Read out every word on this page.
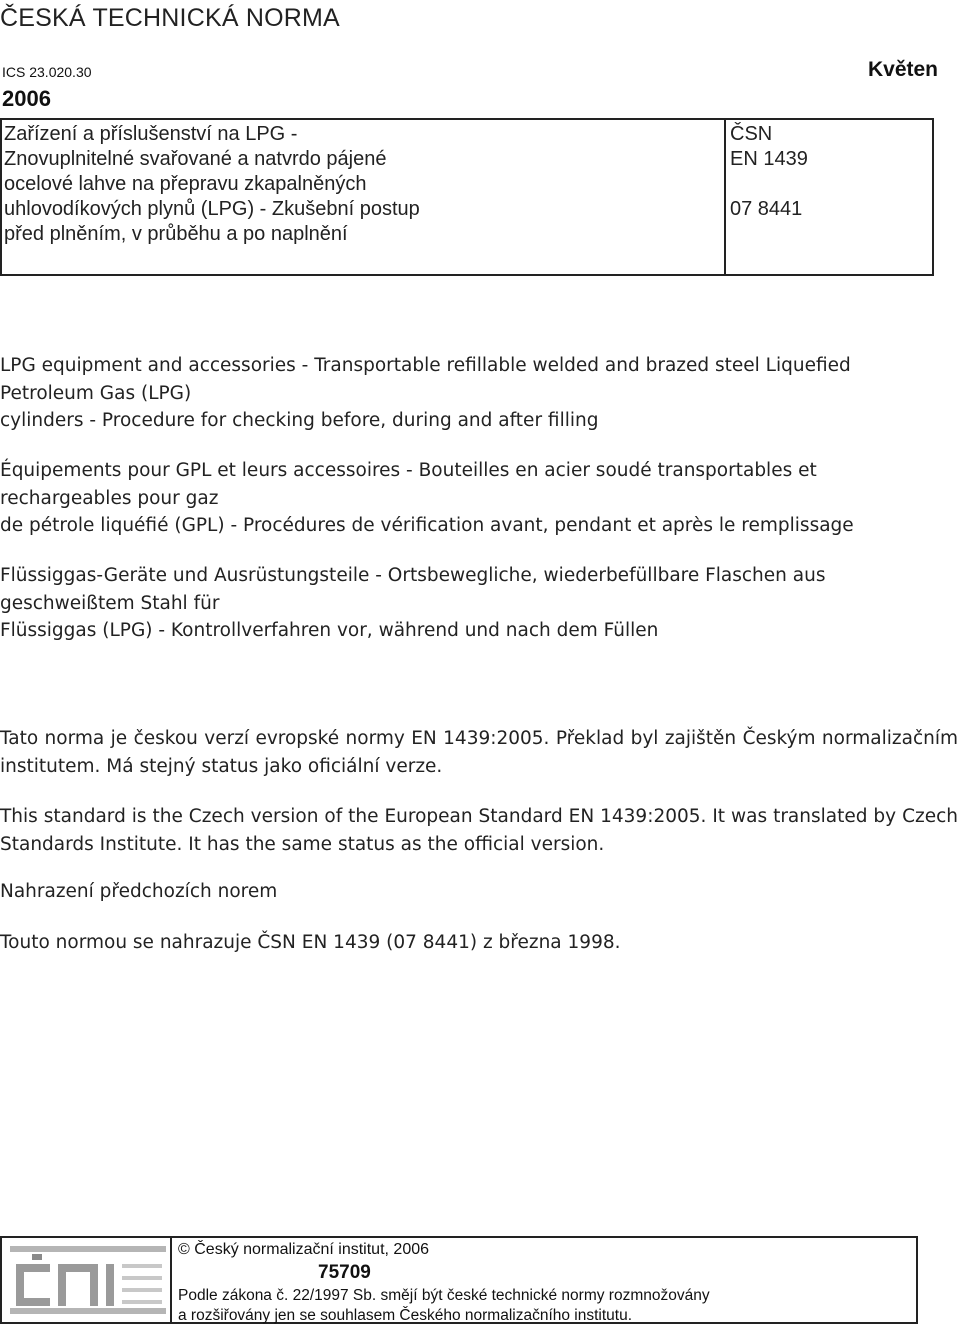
ČESKÁ TECHNICKÁ NORMA
ICS 23.020.30
2006
Květen
Zařízení a příslušenství na LPG -
Znovuplnitelné svařované a natvrdo pájené
ocelové lahve na přepravu zkapalněných
uhlovodíkových plynů (LPG) - Zkušební postup
před plněním, v průběhu a po naplnění
ČSN
EN 1439
07 8441
LPG equipment and accessories - Transportable refillable welded and brazed steel Liquefied
Petroleum Gas (LPG)
cylinders - Procedure for checking before, during and after filling
Équipements pour GPL et leurs accessoires - Bouteilles en acier soudé transportables et
rechargeables pour gaz
de pétrole liquéfié (GPL) - Procédures de vérification avant, pendant et après le remplissage
Flüssiggas-Geräte und Ausrüstungsteile - Ortsbewegliche, wiederbefüllbare Flaschen aus
geschweißtem Stahl für
Flüssiggas (LPG) - Kontrollverfahren vor, während und nach dem Füllen
Tato norma je českou verzí evropské normy EN 1439:2005. Překlad byl zajištěn Českým normalizačním institutem. Má stejný status jako oficiální verze.
This standard is the Czech version of the European Standard EN 1439:2005. It was translated by Czech Standards Institute. It has the same status as the official version.
Nahrazení předchozích norem
Touto normou se nahrazuje ČSN EN 1439 (07 8441) z března 1998.
© Český normalizační institut, 2006
75709
Podle zákona č. 22/1997 Sb. smějí být české technické normy rozmnožovány
a rozšiřovány jen se souhlasem Českého normalizačního institutu.
